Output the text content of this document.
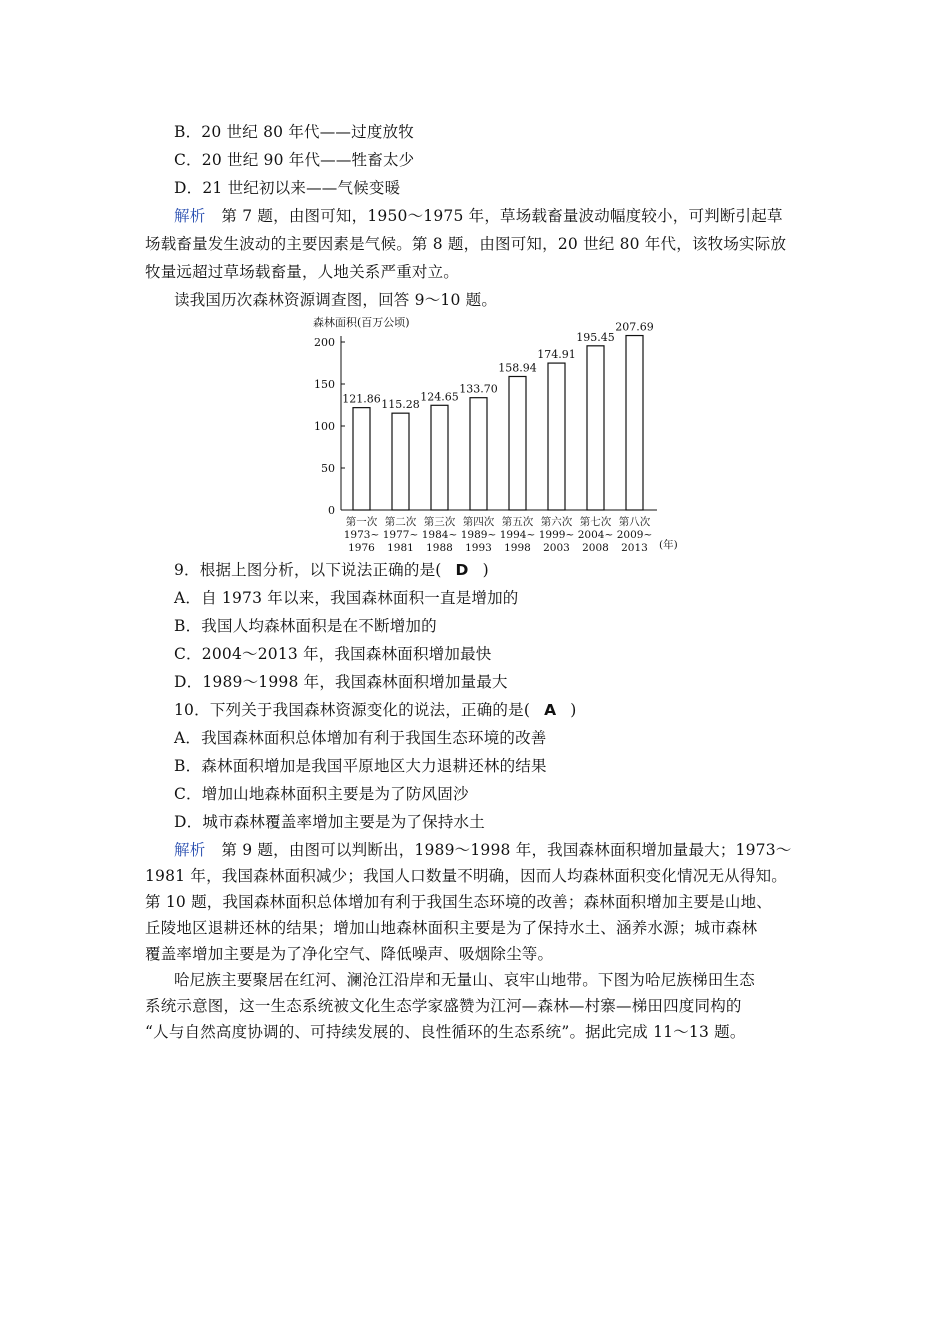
B．20 世纪 80 年代——过度放牧
C．20 世纪 90 年代——牲畜太少
D．21 世纪初以来——气候变暖
解析 第 7 题，由图可知，1950～1975 年，草场载畜量波动幅度较小，可判断引起草
场载畜量发生波动的主要因素是气候。第 8 题，由图可知，20 世纪 80 年代，该牧场实际放
牧量远超过草场载畜量，人地关系严重对立。
读我国历次森林资源调查图，回答 9～10 题。
森林面积(百万公顷)
0
50
100
150
200
121.86
第一次
1973~
1976
115.28
第二次
1977~
1981
124.65
第三次
1984~
1988
133.70
第四次
1989~
1993
158.94
第五次
1994~
1998
174.91
第六次
1999~
2003
195.45
第七次
2004~
2008
207.69
第八次
2009~
2013 (年)
9．根据上图分析，以下说法正确的是( D )
A．自 1973 年以来，我国森林面积一直是增加的
B．我国人均森林面积是在不断增加的
C．2004～2013 年，我国森林面积增加最快
D．1989～1998 年，我国森林面积增加量最大
10．下列关于我国森林资源变化的说法，正确的是( A )
A．我国森林面积总体增加有利于我国生态环境的改善
B．森林面积增加是我国平原地区大力退耕还林的结果
C．增加山地森林面积主要是为了防风固沙
D．城市森林覆盖率增加主要是为了保持水土
解析 第 9 题，由图可以判断出，1989～1998 年，我国森林面积增加量最大；1973～
1981 年，我国森林面积减少；我国人口数量不明确，因而人均森林面积变化情况无从得知。
第 10 题，我国森林面积总体增加有利于我国生态环境的改善；森林面积增加主要是山地、
丘陵地区退耕还林的结果；增加山地森林面积主要是为了保持水土、涵养水源；城市森林
覆盖率增加主要是为了净化空气、降低噪声、吸烟除尘等。
哈尼族主要聚居在红河、澜沧江沿岸和无量山、哀牢山地带。下图为哈尼族梯田生态
系统示意图，这一生态系统被文化生态学家盛赞为江河—森林—村寨—梯田四度同构的
“人与自然高度协调的、可持续发展的、良性循环的生态系统”。据此完成 11～13 题。
